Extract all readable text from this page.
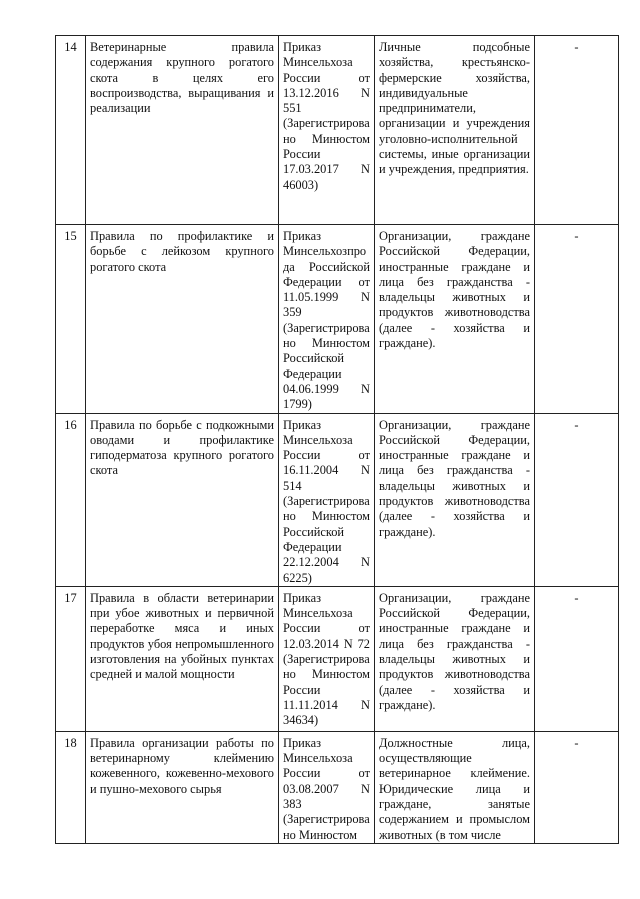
14	Ветеринарные правила содержания крупного рогатого скота в целях его воспроизводства, выращивания и реализации	Приказ Минсельхоза России от 13.12.2016 N 551 (Зарегистрирова но Минюстом России 17.03.2017 N 46003)	Личные подсобные хозяйства, крестьянско-фермерские хозяйства, индивидуальные предприниматели, организации и учреждения уголовно-исполнительной системы, иные организации и учреждения, предприятия.	-
15	Правила по профилактике и борьбе с лейкозом крупного рогатого скота	Приказ Минсельхозпро да Российской Федерации от 11.05.1999 N 359 (Зарегистрирова но Минюстом Российской Федерации 04.06.1999 N 1799)	Организации, граждане Российской Федерации, иностранные граждане и лица без гражданства - владельцы животных и продуктов животноводства (далее - хозяйства и граждане).	-
16	Правила по борьбе с подкожными оводами и профилактике гиподерматоза крупного рогатого скота	Приказ Минсельхоза России от 16.11.2004 N 514 (Зарегистрирова но Минюстом Российской Федерации 22.12.2004 N 6225)	Организации, граждане Российской Федерации, иностранные граждане и лица без гражданства - владельцы животных и продуктов животноводства (далее - хозяйства и граждане).	-
17	Правила в области ветеринарии при убое животных и первичной переработке мяса и иных продуктов убоя непромышленного изготовления на убойных пунктах средней и малой мощности	Приказ Минсельхоза России от 12.03.2014 N 72 (Зарегистрирова но Минюстом России 11.11.2014 N 34634)	Организации, граждане Российской Федерации, иностранные граждане и лица без гражданства - владельцы животных и продуктов животноводства (далее - хозяйства и граждане).	-
18	Правила организации работы по ветеринарному клеймению кожевенного, кожевенно-мехового и пушно-мехового сырья	Приказ Минсельхоза России от 03.08.2007 N 383 (Зарегистрирова но Минюстом	Должностные лица, осуществляющие ветеринарное клеймение. Юридические лица и граждане, занятые содержанием и промыслом животных (в том числе	-
